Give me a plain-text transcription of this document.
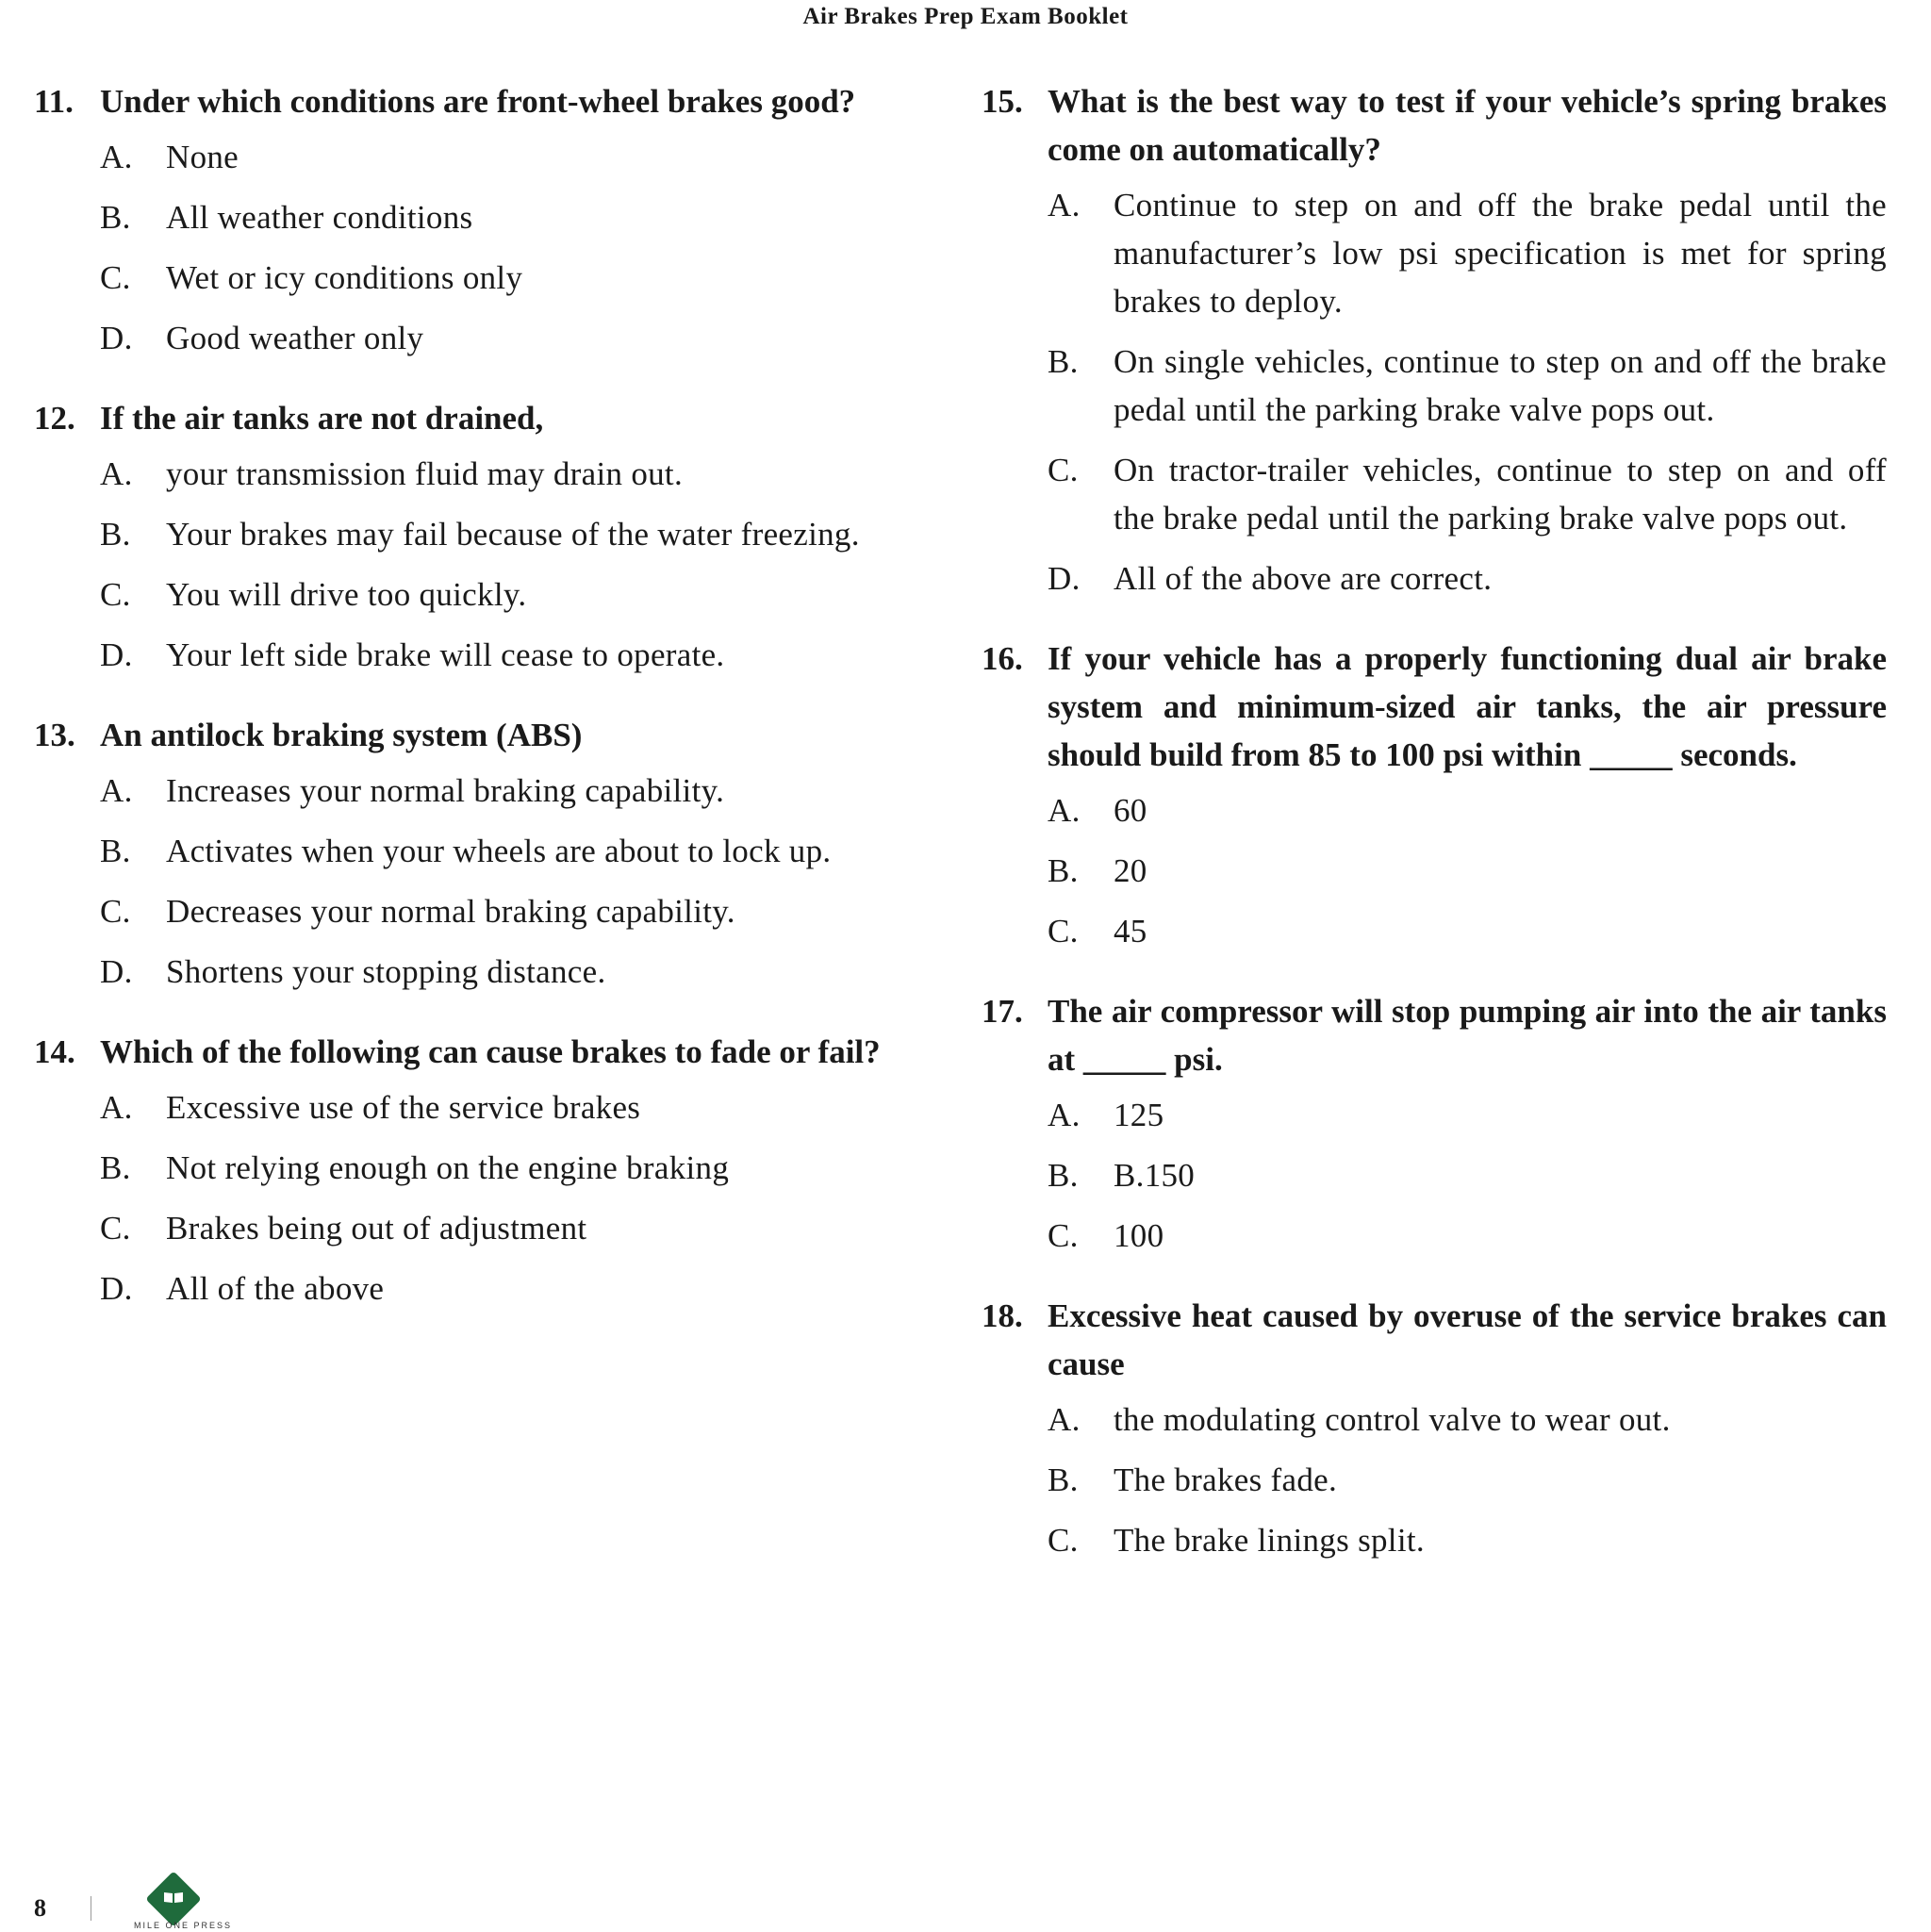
Air Brakes Prep Exam Booklet
11. Under which conditions are front-wheel brakes good?
A.	None
B.	All weather conditions
C.	Wet or icy conditions only
D.	Good weather only
12. If the air tanks are not drained,
A.	your transmission fluid may drain out.
B.	Your brakes may fail because of the water freezing.
C.	You will drive too quickly.
D.	Your left side brake will cease to operate.
13. An antilock braking system (ABS)
A.	Increases your normal braking capability.
B.	Activates when your wheels are about to lock up.
C.	Decreases your normal braking capability.
D.	Shortens your stopping distance.
14. Which of the following can cause brakes to fade or fail?
A.	Excessive use of the service brakes
B.	Not relying enough on the engine braking
C.	Brakes being out of adjustment
D.	All of the above
15. What is the best way to test if your vehicle’s spring brakes come on automatically?
A.	Continue to step on and off the brake pedal until the manufacturer’s low psi specification is met for spring brakes to deploy.
B.	On single vehicles, continue to step on and off the brake pedal until the parking brake valve pops out.
C.	On tractor-trailer vehicles, continue to step on and off the brake pedal until the parking brake valve pops out.
D.	All of the above are correct.
16. If your vehicle has a properly functioning dual air brake system and minimum-sized air tanks, the air pressure should build from 85 to 100 psi within _____ seconds.
A.	60
B.	20
C.	45
17. The air compressor will stop pumping air into the air tanks at _____ psi.
A.	125
B.	B.150
C.	100
18. Excessive heat caused by overuse of the service brakes can cause
A.	the modulating control valve to wear out.
B.	The brakes fade.
C.	The brake linings split.
8
MILE ONE PRESS
